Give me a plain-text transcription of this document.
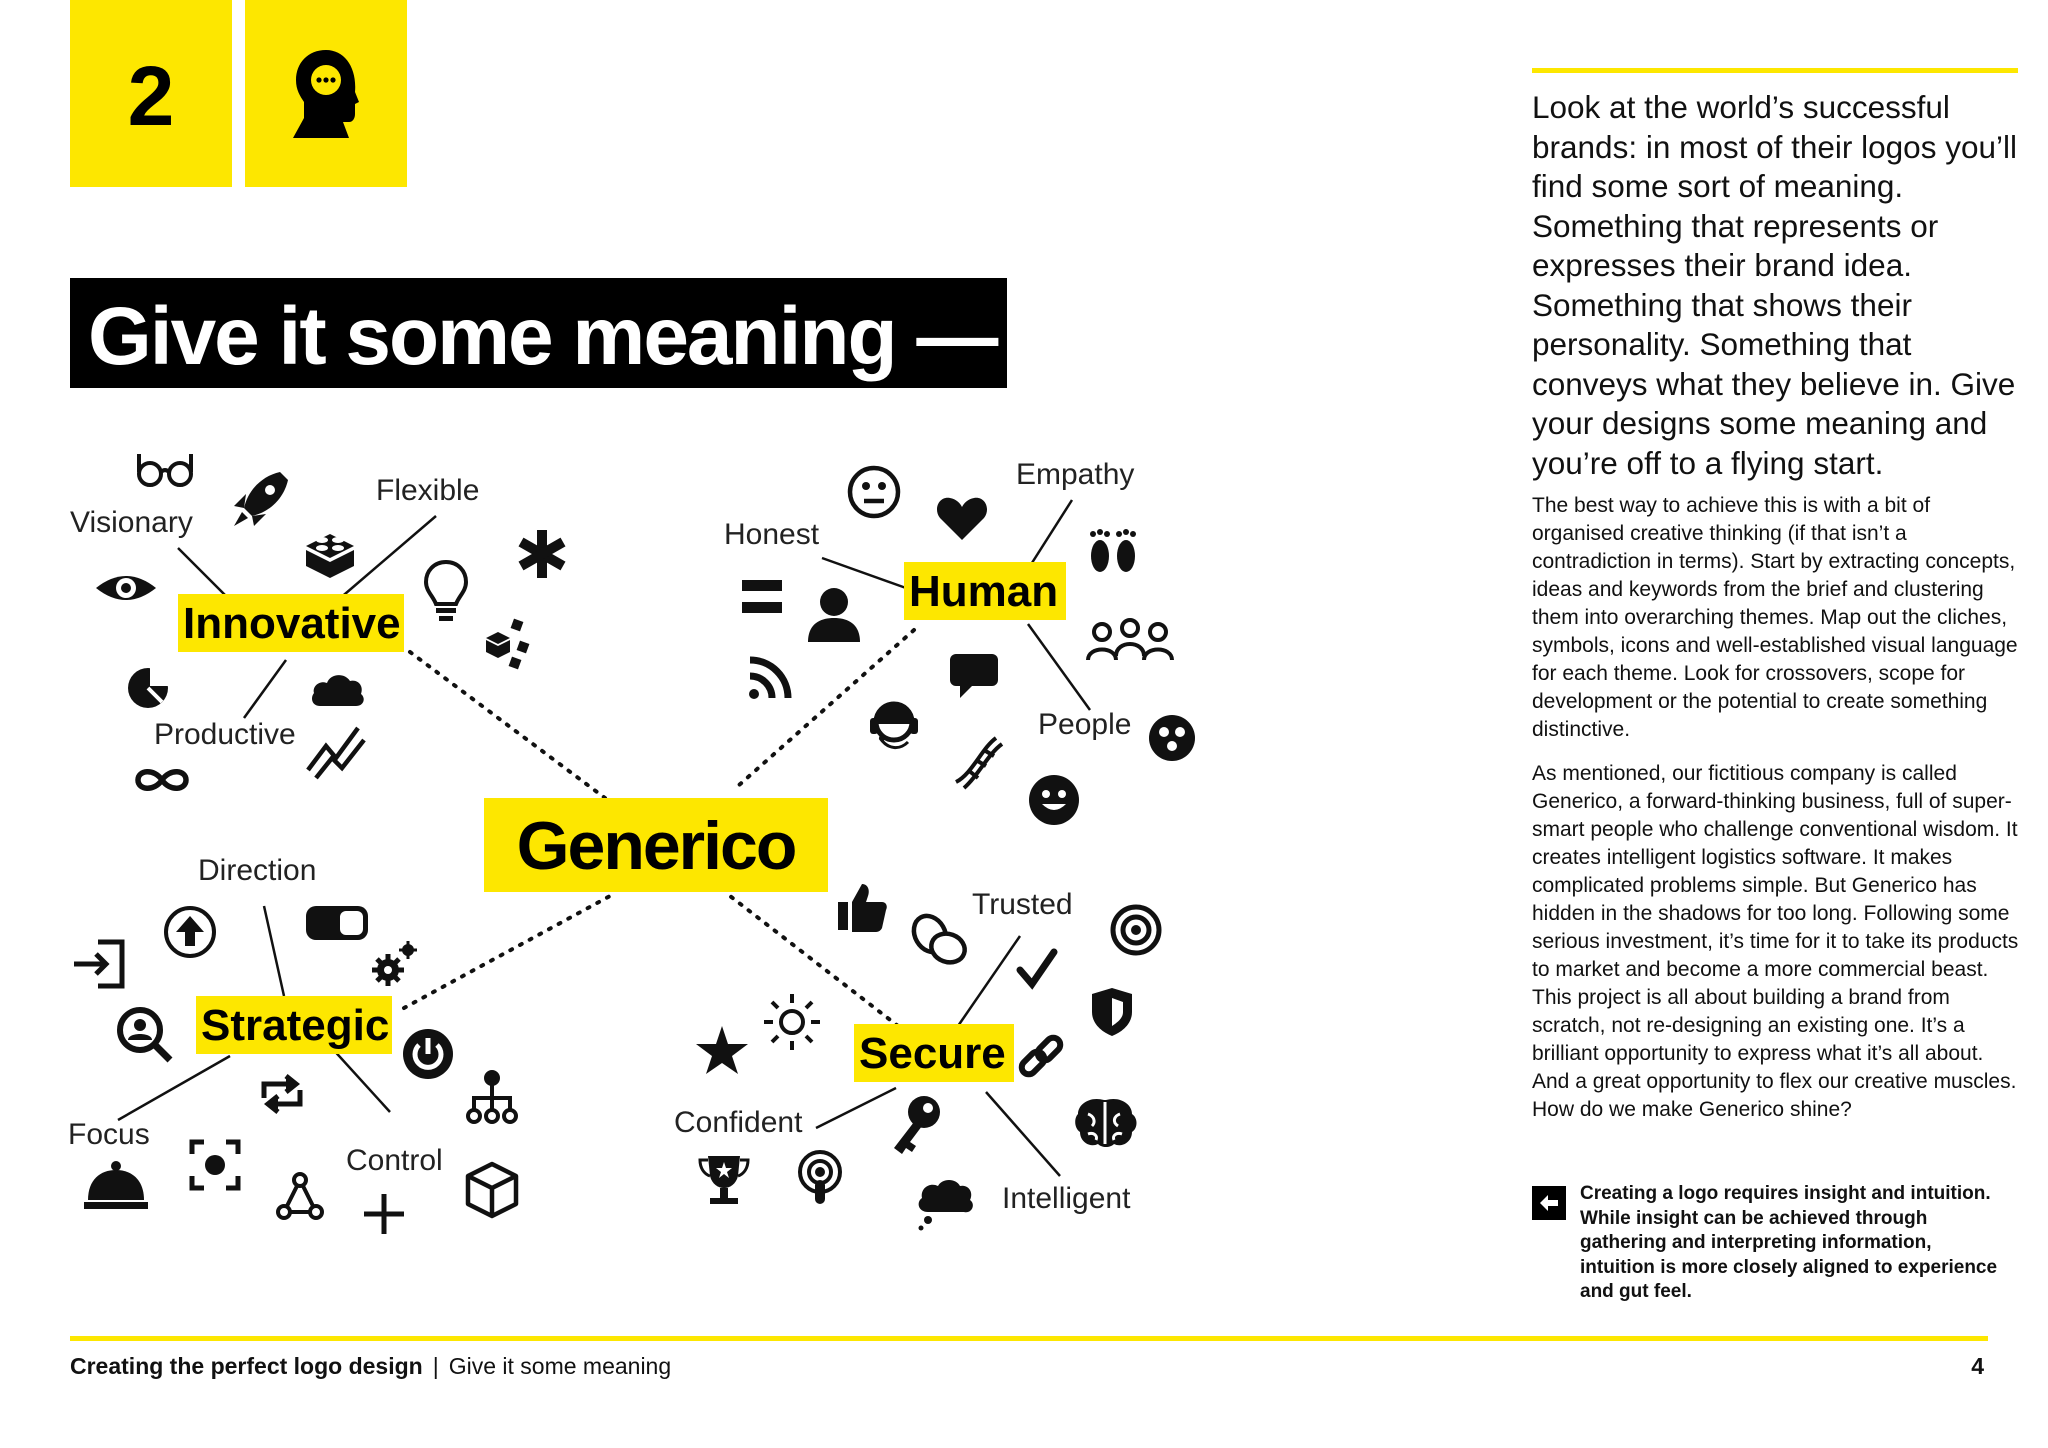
2
Give it some meaning —
Generico
Innovative
Human
Strategic
Secure
Visionary
Flexible
Productive
Honest
Empathy
People
Direction
Focus
Control
Trusted
Confident
Intelligent

Look at the world’s successful brands: in most of their logos you’ll find some sort of meaning. Something that represents or expresses their brand idea. Something that shows their personality. Something that conveys what they believe in. Give your designs some meaning and you’re off to a flying start.

The best way to achieve this is with a bit of organised creative thinking (if that isn’t a contradiction in terms). Start by extracting concepts, ideas and keywords from the brief and clustering them into overarching themes. Map out the cliches, symbols, icons and well-established visual language for each theme. Look for crossovers, scope for development or the potential to create something distinctive.

As mentioned, our fictitious company is called Generico, a forward-thinking business, full of super-smart people who challenge conventional wisdom. It creates intelligent logistics software. It makes complicated problems simple. But Generico has hidden in the shadows for too long. Following some serious investment, it’s time for it to take its products to market and become a more commercial beast. This project is all about building a brand from scratch, not re-designing an existing one. It’s a brilliant opportunity to express what it’s all about. And a great opportunity to flex our creative muscles. How do we make Generico shine?

Creating a logo requires insight and intuition. While insight can be achieved through gathering and interpreting information, intuition is more closely aligned to experience and gut feel.

Creating the perfect logo design | Give it some meaning	4
